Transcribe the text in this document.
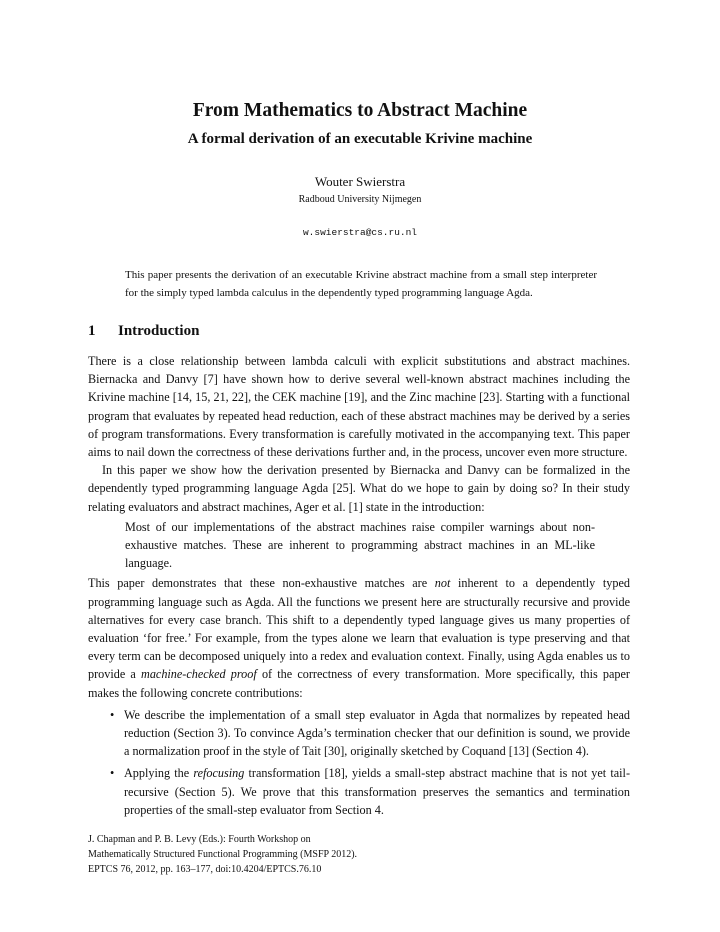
From Mathematics to Abstract Machine
A formal derivation of an executable Krivine machine
Wouter Swierstra
Radboud University Nijmegen
w.swierstra@cs.ru.nl
This paper presents the derivation of an executable Krivine abstract machine from a small step interpreter for the simply typed lambda calculus in the dependently typed programming language Agda.
1 Introduction

There is a close relationship between lambda calculi with explicit substitutions and abstract machines. Biernacka and Danvy [7] have shown how to derive several well-known abstract machines including the Krivine machine [14, 15, 21, 22], the CEK machine [19], and the Zinc machine [23]. Starting with a functional program that evaluates by repeated head reduction, each of these abstract machines may be derived by a series of program transformations. Every transformation is carefully motivated in the accompanying text. This paper aims to nail down the correctness of these derivations further and, in the process, uncover even more structure.

In this paper we show how the derivation presented by Biernacka and Danvy can be formalized in the dependently typed programming language Agda [25]. What do we hope to gain by doing so? In their study relating evaluators and abstract machines, Ager et al. [1] state in the introduction:

Most of our implementations of the abstract machines raise compiler warnings about non-exhaustive matches. These are inherent to programming abstract machines in an ML-like language.

This paper demonstrates that these non-exhaustive matches are not inherent to a dependently typed programming language such as Agda. All the functions we present here are structurally recursive and provide alternatives for every case branch. This shift to a dependently typed language gives us many properties of evaluation ‘for free.’ For example, from the types alone we learn that evaluation is type preserving and that every term can be decomposed uniquely into a redex and evaluation context. Finally, using Agda enables us to provide a machine-checked proof of the correctness of every transformation. More specifically, this paper makes the following concrete contributions:

• We describe the implementation of a small step evaluator in Agda that normalizes by repeated head reduction (Section 3). To convince Agda’s termination checker that our definition is sound, we provide a normalization proof in the style of Tait [30], originally sketched by Coquand [13] (Section 4).
• Applying the refocusing transformation [18], yields a small-step abstract machine that is not yet tail-recursive (Section 5). We prove that this transformation preserves the semantics and termination properties of the small-step evaluator from Section 4.
J. Chapman and P. B. Levy (Eds.): Fourth Workshop on
Mathematically Structured Functional Programming (MSFP 2012).
EPTCS 76, 2012, pp. 163–177, doi:10.4204/EPTCS.76.10
